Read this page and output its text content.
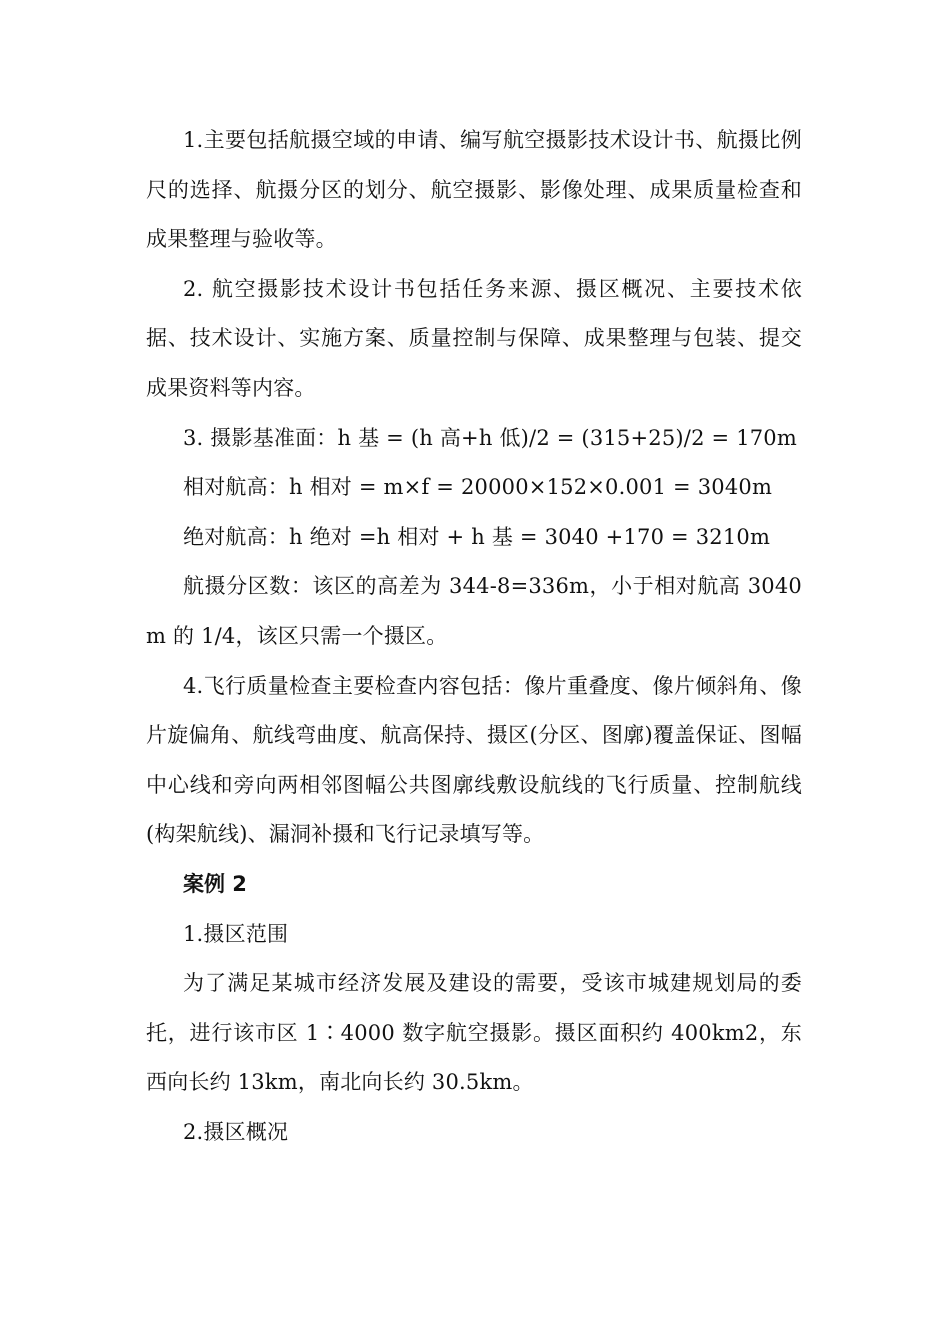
1.主要包括航摄空域的申请、编写航空摄影技术设计书、航摄比例尺的选择、航摄分区的划分、航空摄影、影像处理、成果质量检查和成果整理与验收等。

2. 航空摄影技术设计书包括任务来源、摄区概况、主要技术依据、技术设计、实施方案、质量控制与保障、成果整理与包装、提交成果资料等内容。

3. 摄影基准面：h 基 = (h 高+h 低)/2 = (315+25)/2 = 170m

相对航高：h 相对 = m×f = 20000×152×0.001 = 3040m

绝对航高：h 绝对 =h 相对 + h 基 = 3040 +170 = 3210m

航摄分区数：该区的高差为 344-8=336m，小于相对航高 3040m 的 1/4，该区只需一个摄区。

4.飞行质量检查主要检查内容包括：像片重叠度、像片倾斜角、像片旋偏角、航线弯曲度、航高保持、摄区(分区、图廓)覆盖保证、图幅中心线和旁向两相邻图幅公共图廓线敷设航线的飞行质量、控制航线(构架航线)、漏洞补摄和飞行记录填写等。

案例 2

1.摄区范围

为了满足某城市经济发展及建设的需要，受该市城建规划局的委托，进行该市区 1∶4000 数字航空摄影。摄区面积约 400km2，东西向长约 13km，南北向长约 30.5km。

2.摄区概况
